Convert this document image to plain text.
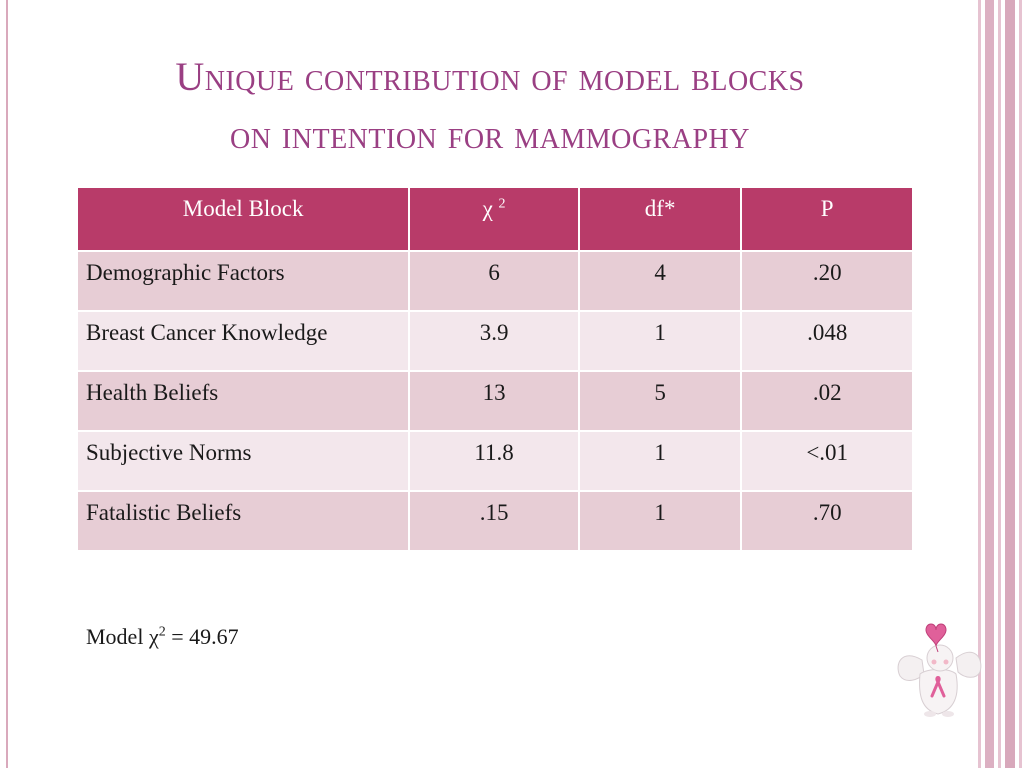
Unique contribution of model blocks
on intention for mammography
Model Block	χ $^2$	df*	P
Demographic Factors	6	4	.20
Breast Cancer Knowledge	3.9	1	.048
Health Beliefs	13	5	.02
Subjective Norms	11.8	1	<.01
Fatalistic Beliefs	.15	1	.70
Model $\chi^2 = 49.67$
